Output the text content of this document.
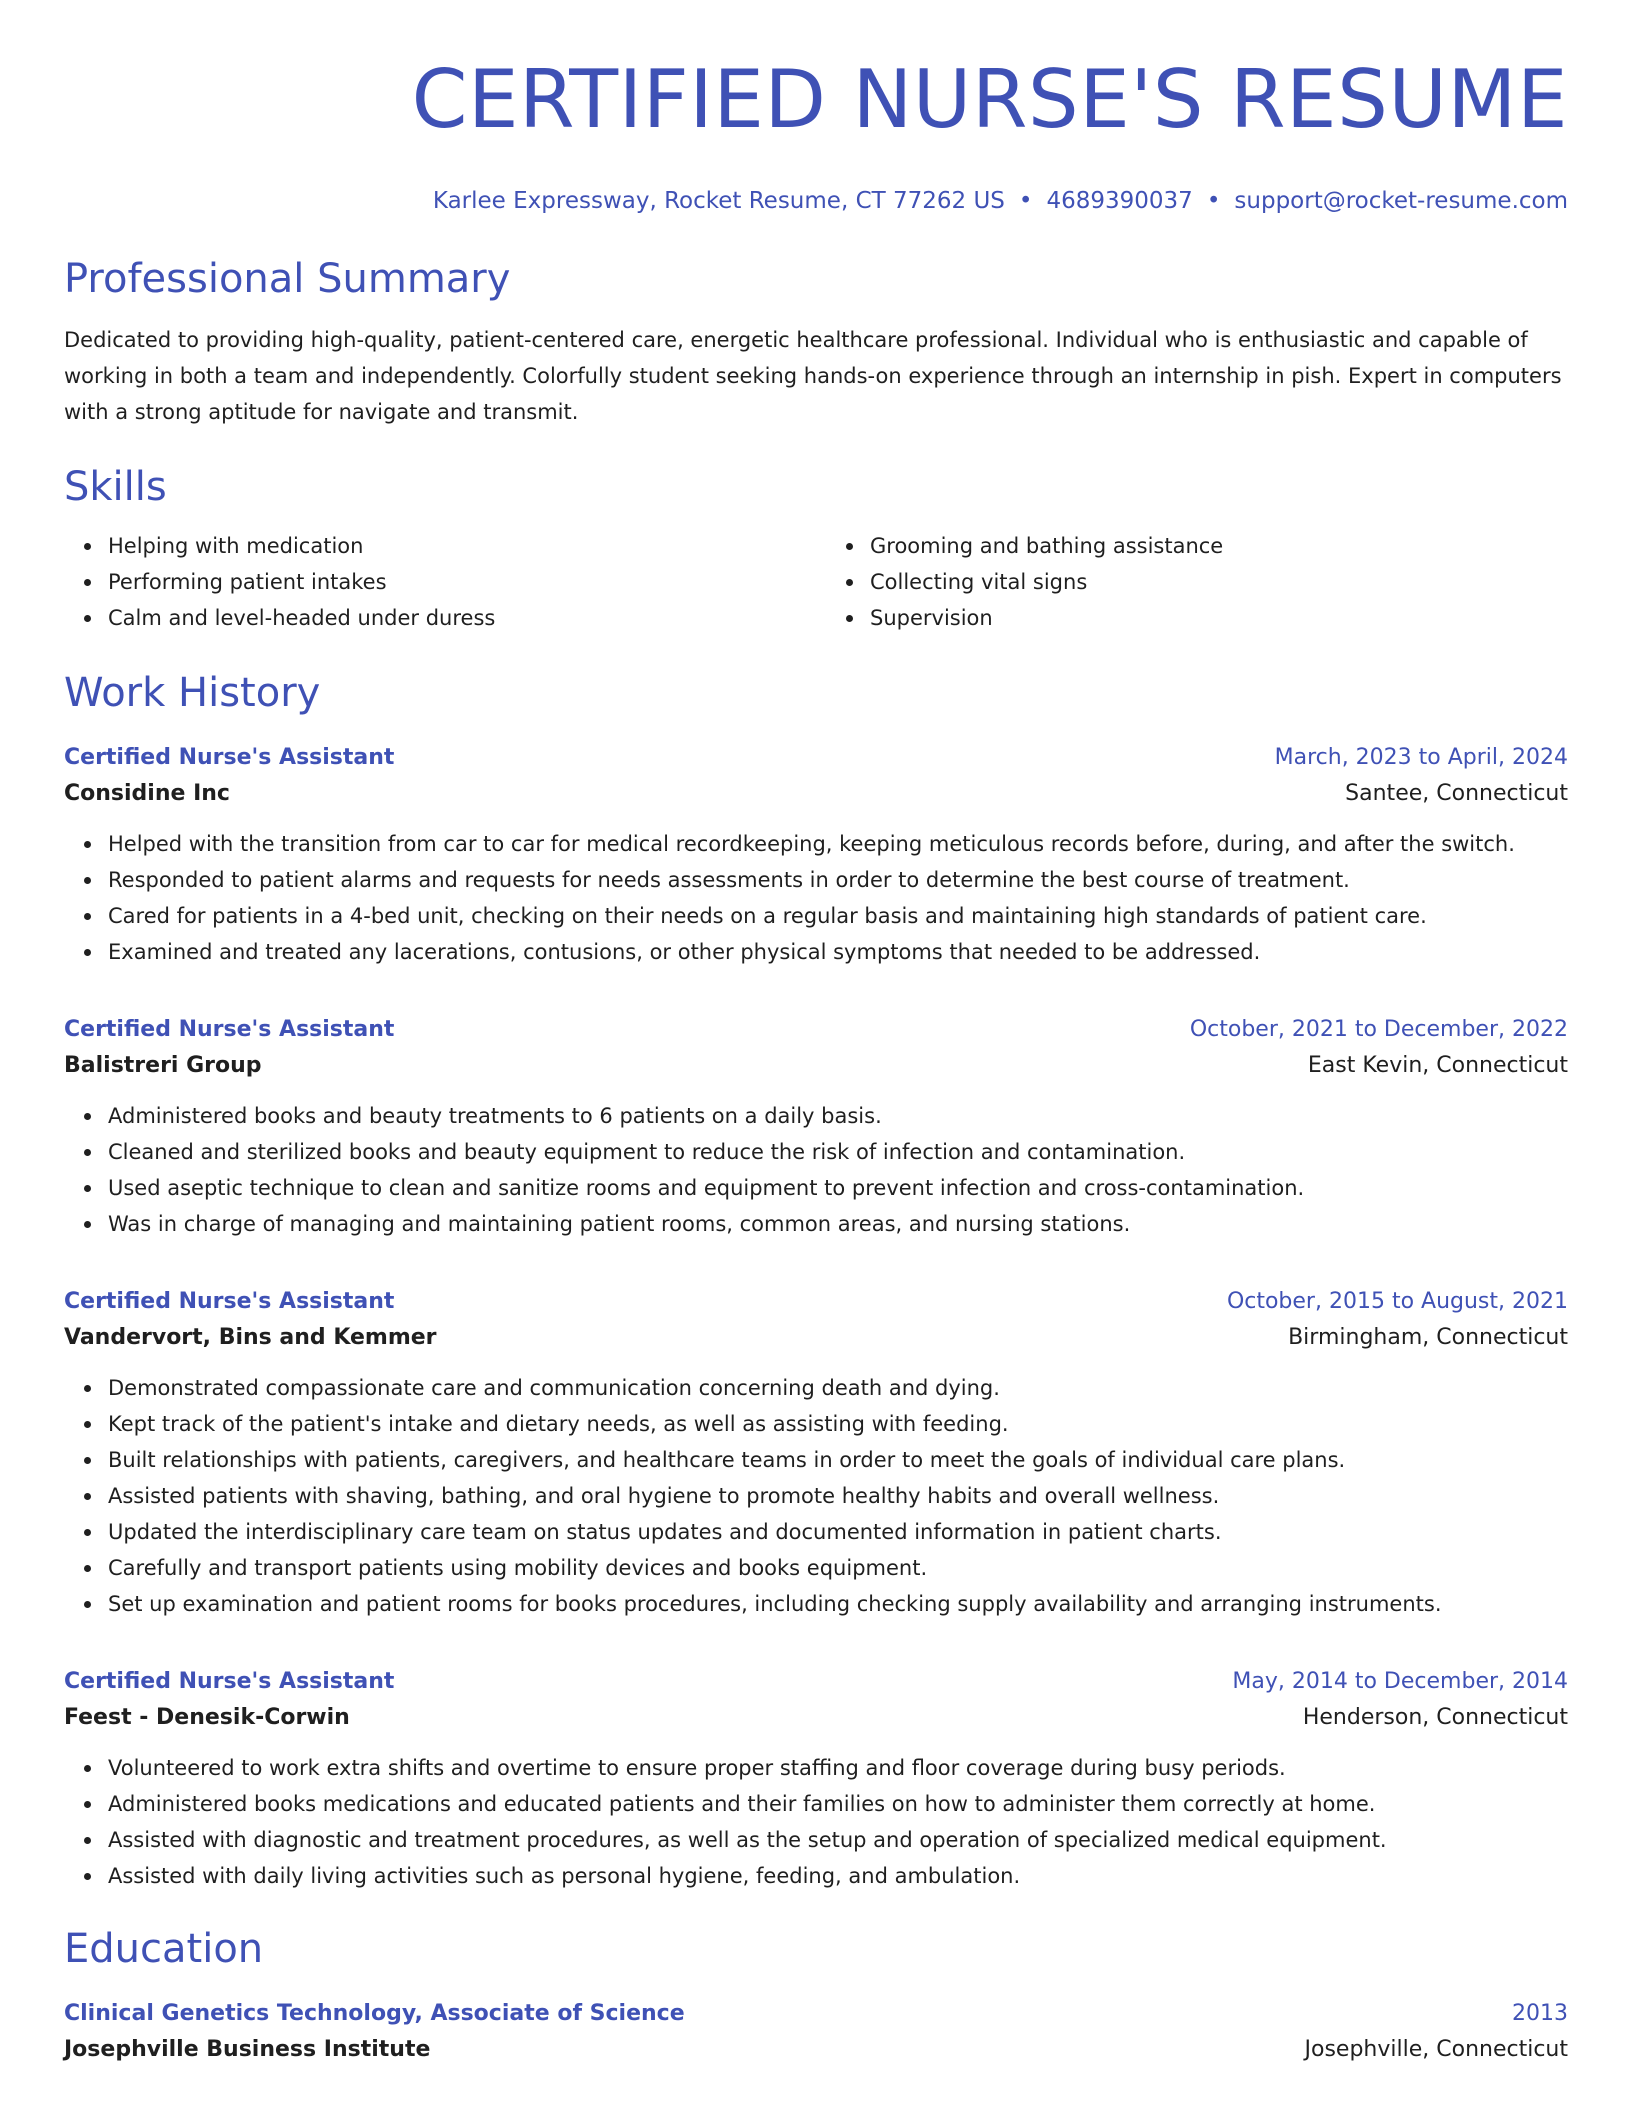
CERTIFIED NURSE'S RESUME
Karlee Expressway, Rocket Resume, CT 77262 US • 4689390037 • support@rocket-resume.com
Professional Summary

Dedicated to providing high-quality, patient-centered care, energetic healthcare professional. Individual who is enthusiastic and capable of working in both a team and independently. Colorfully student seeking hands-on experience through an internship in pish. Expert in computers with a strong aptitude for navigate and transmit.

Skills
Helping with medication
Performing patient intakes
Calm and level-headed under duress
Grooming and bathing assistance
Collecting vital signs
Supervision
Work History
Certified Nurse's Assistant	March, 2023 to April, 2024
Considine Inc	Santee, Connecticut
Helped with the transition from car to car for medical recordkeeping, keeping meticulous records before, during, and after the switch.
Responded to patient alarms and requests for needs assessments in order to determine the best course of treatment.
Cared for patients in a 4-bed unit, checking on their needs on a regular basis and maintaining high standards of patient care.
Examined and treated any lacerations, contusions, or other physical symptoms that needed to be addressed.
Certified Nurse's Assistant	October, 2021 to December, 2022
Balistreri Group	East Kevin, Connecticut
Administered books and beauty treatments to 6 patients on a daily basis.
Cleaned and sterilized books and beauty equipment to reduce the risk of infection and contamination.
Used aseptic technique to clean and sanitize rooms and equipment to prevent infection and cross-contamination.
Was in charge of managing and maintaining patient rooms, common areas, and nursing stations.
Certified Nurse's Assistant	October, 2015 to August, 2021
Vandervort, Bins and Kemmer	Birmingham, Connecticut
Demonstrated compassionate care and communication concerning death and dying.
Kept track of the patient's intake and dietary needs, as well as assisting with feeding.
Built relationships with patients, caregivers, and healthcare teams in order to meet the goals of individual care plans.
Assisted patients with shaving, bathing, and oral hygiene to promote healthy habits and overall wellness.
Updated the interdisciplinary care team on status updates and documented information in patient charts.
Carefully and transport patients using mobility devices and books equipment.
Set up examination and patient rooms for books procedures, including checking supply availability and arranging instruments.
Certified Nurse's Assistant	May, 2014 to December, 2014
Feest - Denesik-Corwin	Henderson, Connecticut
Volunteered to work extra shifts and overtime to ensure proper staffing and floor coverage during busy periods.
Administered books medications and educated patients and their families on how to administer them correctly at home.
Assisted with diagnostic and treatment procedures, as well as the setup and operation of specialized medical equipment.
Assisted with daily living activities such as personal hygiene, feeding, and ambulation.
Education
Clinical Genetics Technology, Associate of Science	2013
Josephville Business Institute	Josephville, Connecticut
